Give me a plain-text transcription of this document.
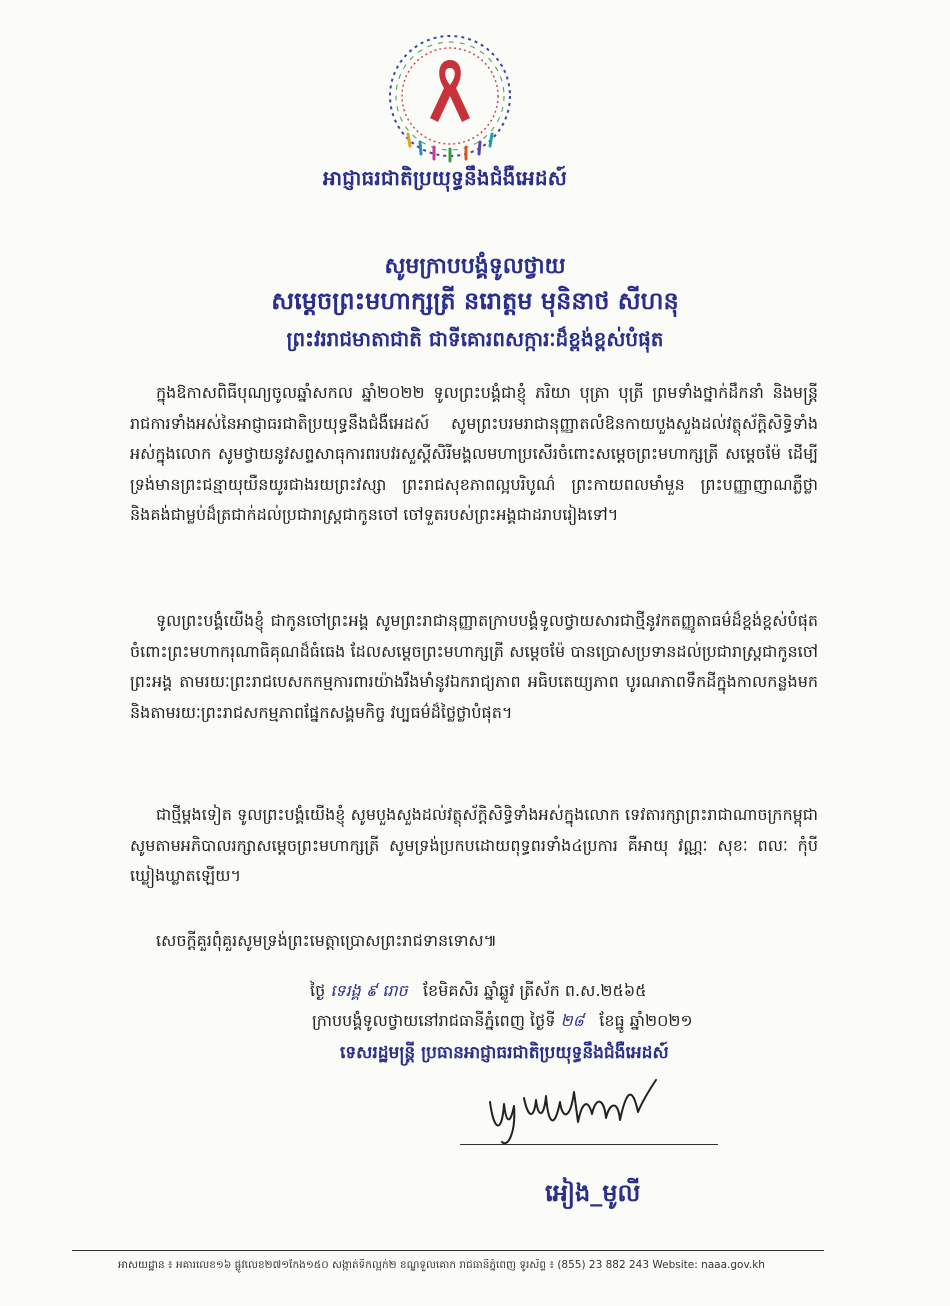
អាជ្ញាធរជាតិប្រយុទ្ធនឹងជំងឺអេដស៍
សូមក្រាបបង្គំទូលថ្វាយ
សម្តេចព្រះមហាក្សត្រី នរោត្តម មុនិនាថ សីហនុ
ព្រះវររាជមាតាជាតិ ជាទីគោរពសក្ការៈដ៏ខ្ពង់ខ្ពស់បំផុត
ក្នុងឱកាសពិធីបុណ្យចូលឆ្នាំសកល ឆ្នាំ២០២២ ទូលព្រះបង្គំជាខ្ញុំ ភរិយា បុត្រា បុត្រី ព្រមទាំងថ្នាក់ដឹកនាំ និងមន្ត្រីរាជការទាំងអស់នៃអាជ្ញាធរជាតិប្រយុទ្ធនឹងជំងឺអេដស៍ សូមព្រះបរមរាជានុញ្ញាតលំឱនកាយបួងសួងដល់វត្ថុស័ក្តិសិទ្ធិទាំងអស់ក្នុងលោក សូមថ្វាយនូវសព្ទសាធុការពរបវរសួស្តីសិរីមង្គលមហាប្រសើរចំពោះសម្តេចព្រះមហាក្សត្រី សម្តេចម៉ែ ដើម្បីទ្រង់មានព្រះជន្មាយុយឺនយូរជាងរយព្រះវស្សា ព្រះរាជសុខភាពល្អបរិបូណ៌ ព្រះកាយពលមាំមួន ព្រះបញ្ញាញាណភ្លឺថ្លា និងគង់ជាម្លប់ដ៏ត្រជាក់ដល់ប្រជារាស្ត្រជាកូនចៅ ចៅទួតរបស់ព្រះអង្គជាដរាបរៀងទៅ។
ទូលព្រះបង្គំយើងខ្ញុំ ជាកូនចៅព្រះអង្គ សូមព្រះរាជានុញ្ញាតក្រាបបង្គំទូលថ្វាយសារជាថ្មីនូវកតញ្ញូតាធម៌ដ៏ខ្ពង់ខ្ពស់បំផុត ចំពោះព្រះមហាករុណាធិគុណដ៏ធំធេង ដែលសម្តេចព្រះមហាក្សត្រី សម្តេចម៉ែ បានប្រោសប្រទានដល់ប្រជារាស្ត្រជាកូនចៅព្រះអង្គ តាមរយៈព្រះរាជបេសកកម្មការពារយ៉ាងរឹងមាំនូវឯករាជ្យភាព អធិបតេយ្យភាព បូរណភាពទឹកដីក្នុងកាលកន្លងមក និងតាមរយៈព្រះរាជសកម្មភាពផ្នែកសង្គមកិច្ច វប្បធម៌ដ៏ថ្លៃថ្លាបំផុត។
ជាថ្មីម្តងទៀត ទូលព្រះបង្គំយើងខ្ញុំ សូមបួងសួងដល់វត្ថុស័ក្តិសិទ្ធិទាំងអស់ក្នុងលោក ទេវតារក្សាព្រះរាជាណាចក្រកម្ពុជា សូមតាមអភិបាលរក្សាសម្តេចព្រះមហាក្សត្រី សូមទ្រង់ប្រកបដោយពុទ្ធពរទាំង៤ប្រការ គឺអាយុ វណ្ណៈ សុខៈ ពលៈ កុំបីឃ្លៀងឃ្លាតឡើយ។
សេចក្តីគួរពុំគួរសូមទ្រង់ព្រះមេត្តាប្រោសព្រះរាជទានទោស៕
ថ្ងៃ ទេរង្គ ៩ រោច ខែមិគសិរ ឆ្នាំឆ្លូវ ត្រីស័ក ព.ស.២៥៦៥
ក្រាបបង្គំទូលថ្វាយនៅរាជធានីភ្នំពេញ ថ្ងៃទី ២៨ ខែធ្នូ ឆ្នាំ២០២១
ទេសរដ្ឋមន្ត្រី ប្រធានអាជ្ញាធរជាតិប្រយុទ្ធនឹងជំងឺអេដស៍
អៀង_មូលី
អាសយដ្ឋាន ៖ អគារលេខ១៦ ផ្លូវលេខ២៧១កែង១៥០ សង្កាត់ទឹកល្អក់២ ខណ្ឌទួលគោក រាជធានីភ្នំពេញ ទូរស័ព្ទ ៖ (855) 23 882 243 Website: naaa.gov.kh
